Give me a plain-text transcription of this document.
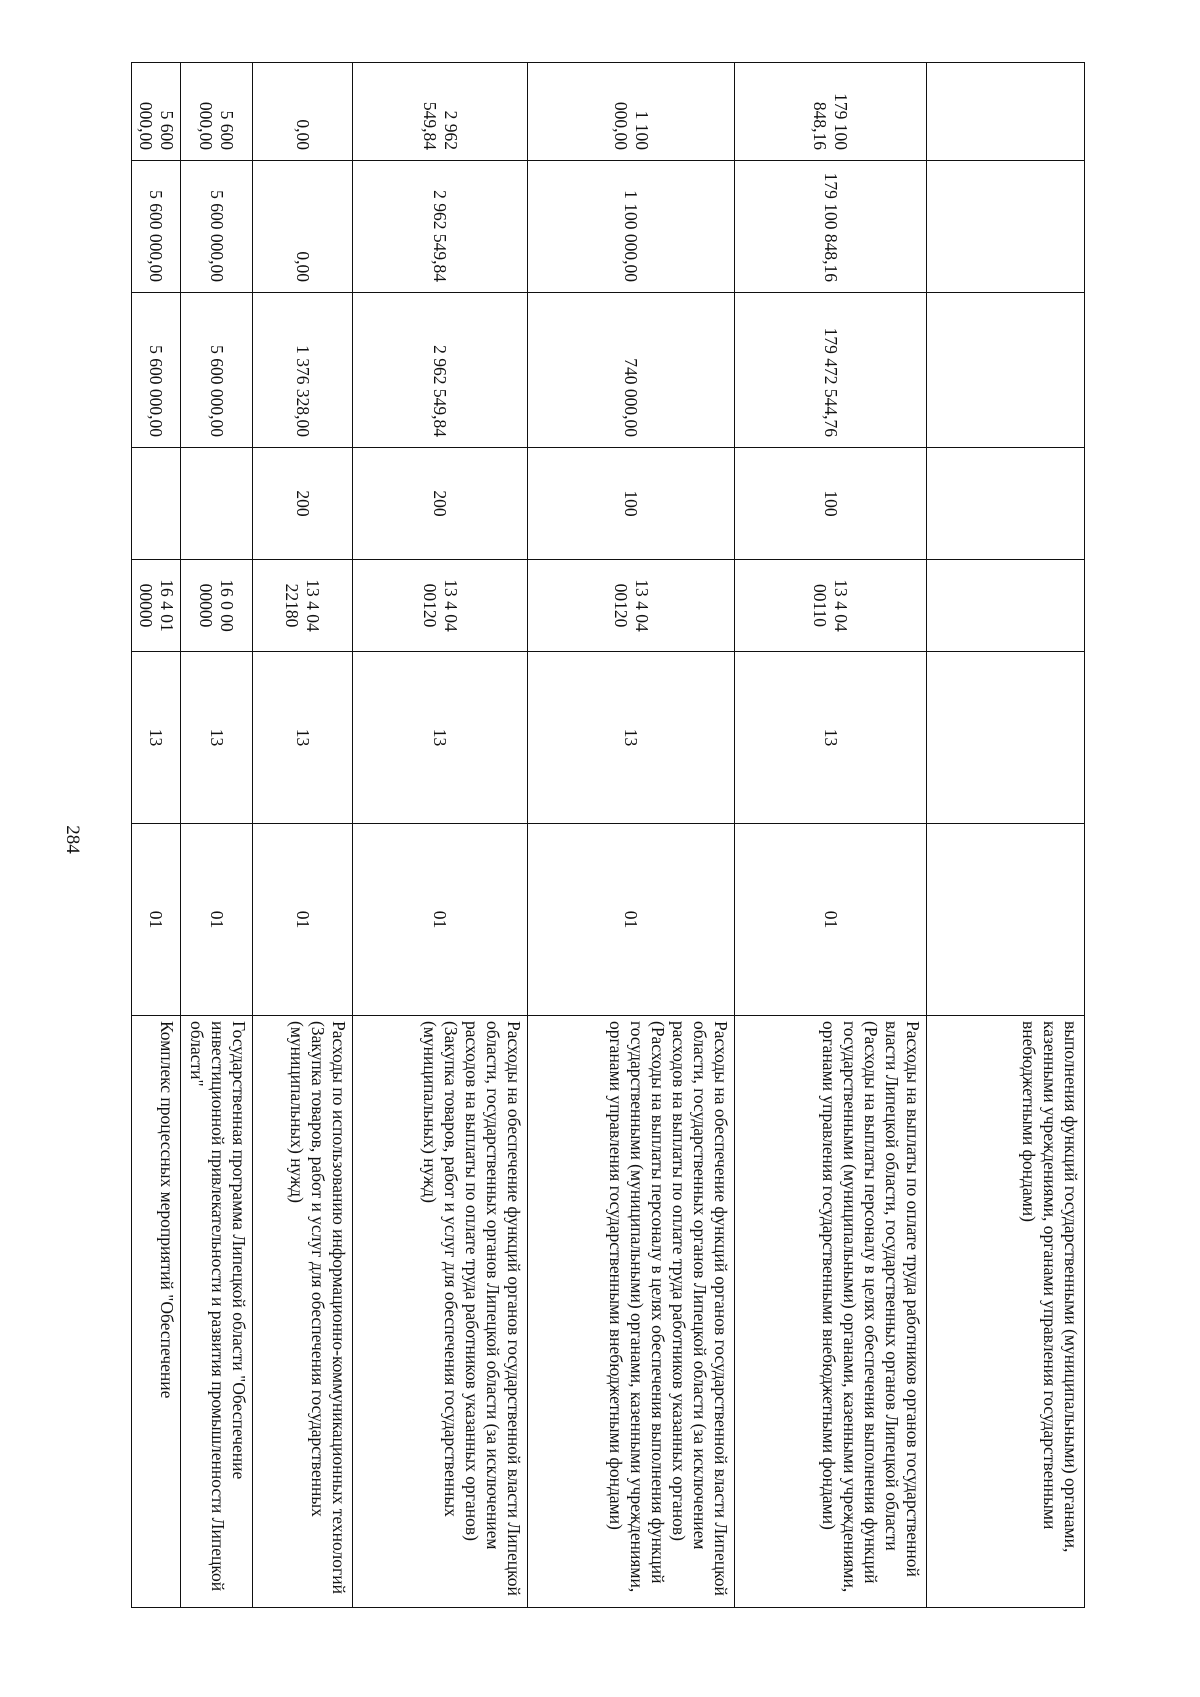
284
							выполнения функций государственными (муниципальными) органами, казенными учреждениями, органами управления государственными внебюджетными фондами)
179 100 848,16	179 100 848,16	179 472 544,76	100	13 4 04 00110	13	01	Расходы на выплаты по оплате труда работников органов государственной власти Липецкой области, государственных органов Липецкой области (Расходы на выплаты персоналу в целях обеспечения выполнения функций государственными (муниципальными) органами, казенными учреждениями, органами управления государственными внебюджетными фондами)
1 100 000,00	1 100 000,00	740 000,00	100	13 4 04 00120	13	01	Расходы на обеспечение функций органов государственной власти Липецкой области, государственных органов Липецкой области (за исключением расходов на выплаты по оплате труда работников указанных органов) (Расходы на выплаты персоналу в целях обеспечения выполнения функций государственными (муниципальными) органами, казенными учреждениями, органами управления государственными внебюджетными фондами)
2 962 549,84	2 962 549,84	2 962 549,84	200	13 4 04 00120	13	01	Расходы на обеспечение функций органов государственной власти Липецкой области, государственных органов Липецкой области (за исключением расходов на выплаты по оплате труда работников указанных органов) (Закупка товаров, работ и услуг для обеспечения государственных (муниципальных) нужд)
0,00	0,00	1 376 328,00	200	13 4 04 22180	13	01	Расходы по использованию информационно-коммуникационных технологий (Закупка товаров, работ и услуг для обеспечения государственных (муниципальных) нужд)
5 600 000,00	5 600 000,00	5 600 000,00		16 0 00 00000	13	01	Государственная программа Липецкой области "Обеспечение инвестиционной привлекательности и развития промышленности Липецкой области"
5 600 000,00	5 600 000,00	5 600 000,00		16 4 01 00000	13	01	Комплекс процессных мероприятий "Обеспечение
